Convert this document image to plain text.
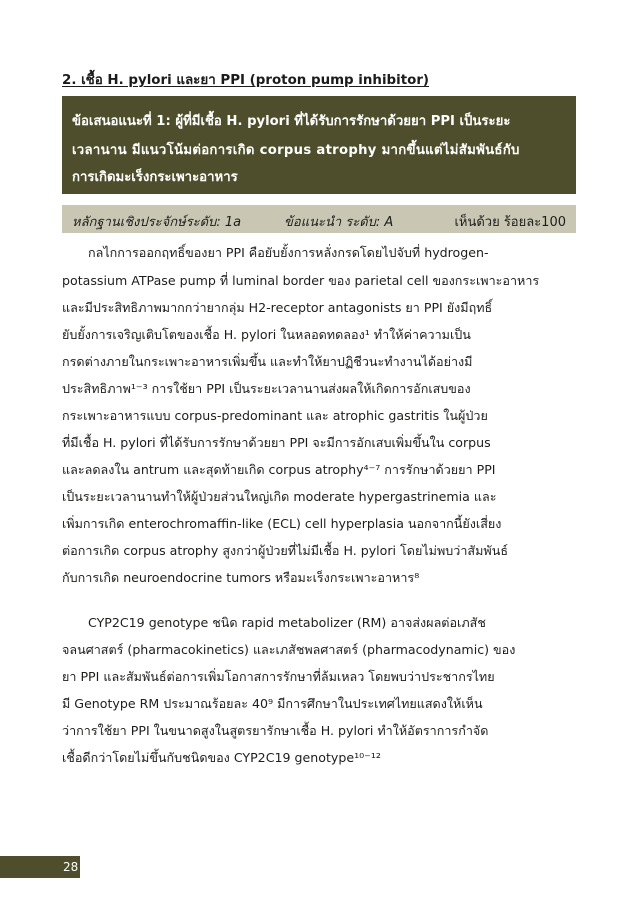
2. เชื้อ H. pylori และยา PPI (proton pump inhibitor)
ข้อเสนอแนะที่ 1: ผู้ที่มีเชื้อ H. pylori ที่ได้รับการรักษาด้วยยา PPI เป็นระยะ
เวลานาน มีแนวโน้มต่อการเกิด corpus atrophy มากขึ้นแต่ไม่สัมพันธ์กับ
การเกิดมะเร็งกระเพาะอาหาร
หลักฐานเชิงประจักษ์ระดับ: 1a	ข้อแนะนำ ระดับ: A	เห็นด้วย ร้อยละ100
กลไกการออกฤทธิ์ของยา PPI คือยับยั้งการหลั่งกรดโดยไปจับที่ hydrogen-
potassium ATPase pump ที่ luminal border ของ parietal cell ของกระเพาะอาหาร
และมีประสิทธิภาพมากกว่ายากลุ่ม H2-receptor antagonists ยา PPI ยังมีฤทธิ์
ยับยั้งการเจริญเติบโตของเชื้อ H. pylori ในหลอดทดลอง¹ ทำให้ค่าความเป็น
กรดต่างภายในกระเพาะอาหารเพิ่มขึ้น และทำให้ยาปฏิชีวนะทำงานได้อย่างมี
ประสิทธิภาพ¹⁻³ การใช้ยา PPI เป็นระยะเวลานานส่งผลให้เกิดการอักเสบของ
กระเพาะอาหารแบบ corpus-predominant และ atrophic gastritis ในผู้ป่วย
ที่มีเชื้อ H. pylori ที่ได้รับการรักษาด้วยยา PPI จะมีการอักเสบเพิ่มขึ้นใน corpus
และลดลงใน antrum และสุดท้ายเกิด corpus atrophy⁴⁻⁷ การรักษาด้วยยา PPI
เป็นระยะเวลานานทำให้ผู้ป่วยส่วนใหญ่เกิด moderate hypergastrinemia และ
เพิ่มการเกิด enterochromaffin-like (ECL) cell hyperplasia นอกจากนี้ยังเสี่ยง
ต่อการเกิด corpus atrophy สูงกว่าผู้ป่วยที่ไม่มีเชื้อ H. pylori โดยไม่พบว่าสัมพันธ์
กับการเกิด neuroendocrine tumors หรือมะเร็งกระเพาะอาหาร⁸
CYP2C19 genotype ชนิด rapid metabolizer (RM) อาจส่งผลต่อเภสัช
จลนศาสตร์ (pharmacokinetics) และเภสัชพลศาสตร์ (pharmacodynamic) ของ
ยา PPI และสัมพันธ์ต่อการเพิ่มโอกาสการรักษาที่ล้มเหลว โดยพบว่าประชากรไทย
มี Genotype RM ประมาณร้อยละ 40⁹ มีการศึกษาในประเทศไทยแสดงให้เห็น
ว่าการใช้ยา PPI ในขนาดสูงในสูตรยารักษาเชื้อ H. pylori ทำให้อัตราการกำจัด
เชื้อดีกว่าโดยไม่ขึ้นกับชนิดของ CYP2C19 genotype¹⁰⁻¹²
28
